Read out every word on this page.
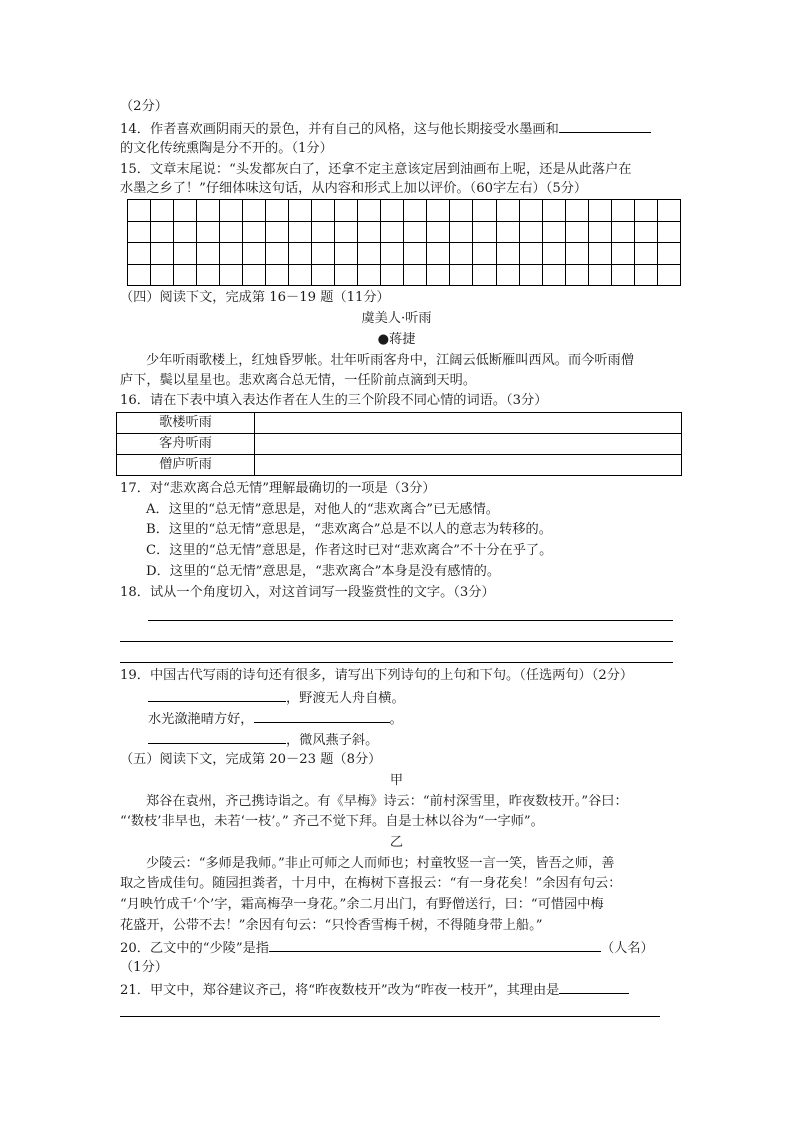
（2分）
14．作者喜欢画阴雨天的景色，并有自己的风格，这与他长期接受水墨画和
的文化传统熏陶是分不开的。（1分）
15．文章末尾说：“头发都灰白了，还拿不定主意该定居到油画布上呢，还是从此落户在
水墨之乡了！”仔细体味这句话，从内容和形式上加以评价。（60字左右）（5分）

（四）阅读下文，完成第 16－19 题（11分）
虞美人·听雨
●蒋捷
少年听雨歌楼上，红烛昏罗帐。壮年听雨客舟中，江阔云低断雁叫西风。而今听雨僧
庐下，鬓以星星也。悲欢离合总无情，一任阶前点滴到天明。
16．请在下表中填入表达作者在人生的三个阶段不同心情的词语。（3分）
歌楼听雨	
客舟听雨	
僧庐听雨	
17．对“悲欢离合总无情”理解最确切的一项是（3分）
A．这里的“总无情”意思是，对他人的“悲欢离合”已无感情。
B．这里的“总无情”意思是，“悲欢离合”总是不以人的意志为转移的。
C．这里的“总无情”意思是，作者这时已对“悲欢离合”不十分在乎了。
D．这里的“总无情”意思是，“悲欢离合”本身是没有感情的。
18．试从一个角度切入，对这首词写一段鉴赏性的文字。（3分）
19．中国古代写雨的诗句还有很多，请写出下列诗句的上句和下句。（任选两句）（2分）
，野渡无人舟自横。
水光潋滟晴方好，	。
，微风燕子斜。
（五）阅读下文，完成第 20－23 题（8分）
甲
郑谷在袁州，齐己携诗诣之。有《早梅》诗云：“前村深雪里，昨夜数枝开。”谷曰：
“‘数枝’非早也，未若‘一枝’。” 齐己不觉下拜。自是士林以谷为“一字师”。
乙
少陵云：“多师是我师。”非止可师之人而师也；村童牧竖一言一笑，皆吾之师，善
取之皆成佳句。随园担粪者，十月中，在梅树下喜报云：“有一身花矣！”余因有句云：
“月映竹成千‘个’字，霜高梅孕一身花。”余二月出门，有野僧送行，曰：“可惜园中梅
花盛开，公带不去！”余因有句云：“只怜香雪梅千树，不得随身带上船。”
20．乙文中的“少陵”是指	（人名）
（1分）
21．甲文中，郑谷建议齐己，将“昨夜数枝开”改为“昨夜一枝开”，其理由是
